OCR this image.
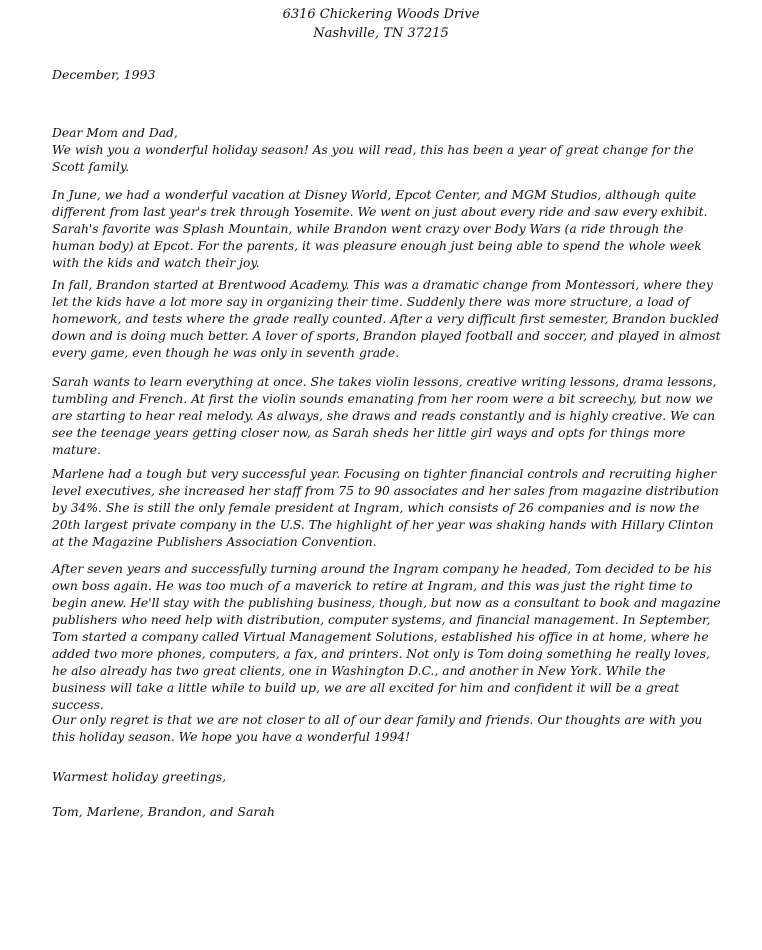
6316 Chickering Woods Drive
Nashville, TN 37215
December, 1993
Dear Mom and Dad,

We wish you a wonderful holiday season! As you will read, this has been a year of great change for the Scott family.

In June, we had a wonderful vacation at Disney World, Epcot Center, and MGM Studios, although quite different from last year's trek through Yosemite. We went on just about every ride and saw every exhibit. Sarah's favorite was Splash Mountain, while Brandon went crazy over Body Wars (a ride through the human body) at Epcot. For the parents, it was pleasure enough just being able to spend the whole week with the kids and watch their joy.

In fall, Brandon started at Brentwood Academy. This was a dramatic change from Montessori, where they let the kids have a lot more say in organizing their time. Suddenly there was more structure, a load of homework, and tests where the grade really counted. After a very difficult first semester, Brandon buckled down and is doing much better. A lover of sports, Brandon played football and soccer, and played in almost every game, even though he was only in seventh grade.

Sarah wants to learn everything at once. She takes violin lessons, creative writing lessons, drama lessons, tumbling and French. At first the violin sounds emanating from her room were a bit screechy, but now we are starting to hear real melody. As always, she draws and reads constantly and is highly creative. We can see the teenage years getting closer now, as Sarah sheds her little girl ways and opts for things more mature.

Marlene had a tough but very successful year. Focusing on tighter financial controls and recruiting higher level executives, she increased her staff from 75 to 90 associates and her sales from magazine distribution by 34%. She is still the only female president at Ingram, which consists of 26 companies and is now the 20th largest private company in the U.S. The highlight of her year was shaking hands with Hillary Clinton at the Magazine Publishers Association Convention.

After seven years and successfully turning around the Ingram company he headed, Tom decided to be his own boss again. He was too much of a maverick to retire at Ingram, and this was just the right time to begin anew. He'll stay with the publishing business, though, but now as a consultant to book and magazine publishers who need help with distribution, computer systems, and financial management. In September, Tom started a company called Virtual Management Solutions, established his office in at home, where he added two more phones, computers, a fax, and printers. Not only is Tom doing something he really loves, he also already has two great clients, one in Washington D.C., and another in New York. While the business will take a little while to build up, we are all excited for him and confident it will be a great success.

Our only regret is that we are not closer to all of our dear family and friends. Our thoughts are with you this holiday season. We hope you have a wonderful 1994!

Warmest holiday greetings,
Tom, Marlene, Brandon, and Sarah
